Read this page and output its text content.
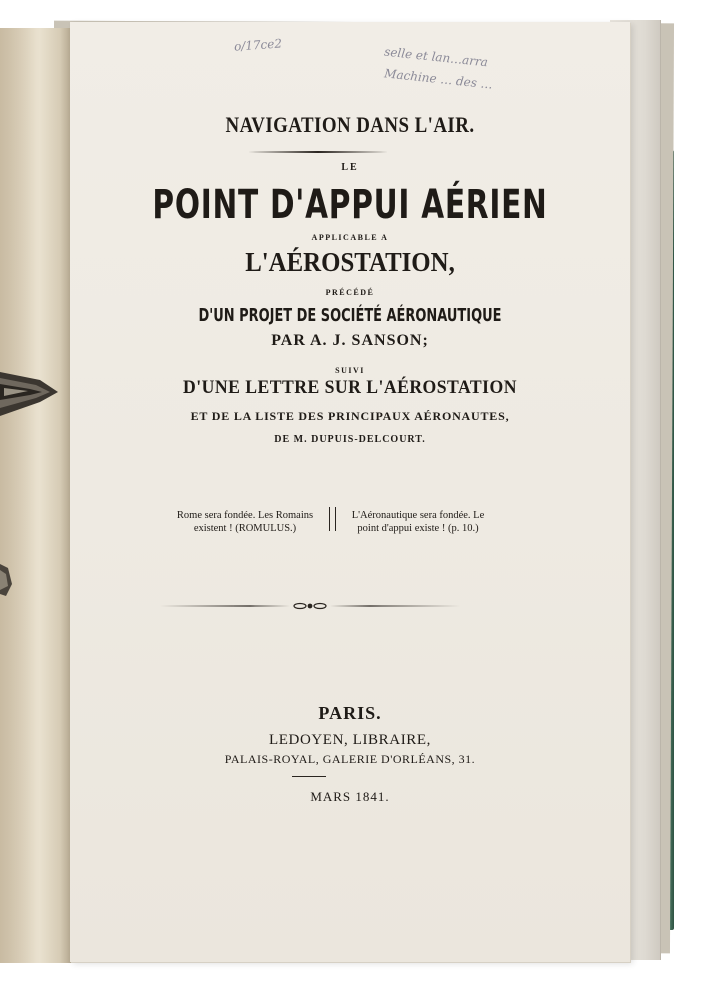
o/17ce2	selle et lan…arra
Machine … des …

NAVIGATION DANS L'AIR.

LE

POINT D'APPUI AÉRIEN

APPLICABLE A

L'AÉROSTATION,

PRÉCÉDÉ

D'UN PROJET DE SOCIÉTÉ AÉRONAUTIQUE

PAR A. J. SANSON;

SUIVI

D'UNE LETTRE SUR L'AÉROSTATION

ET DE LA LISTE DES PRINCIPAUX AÉRONAUTES,

DE M. DUPUIS-DELCOURT.

Rome sera fondée. Les Romains
existent ! (ROMULUS.)
L'Aéronautique sera fondée. Le
point d'appui existe ! (p. 10.)

PARIS.

LEDOYEN, LIBRAIRE,

PALAIS-ROYAL, GALERIE D'ORLÉANS, 31.

MARS 1841.
